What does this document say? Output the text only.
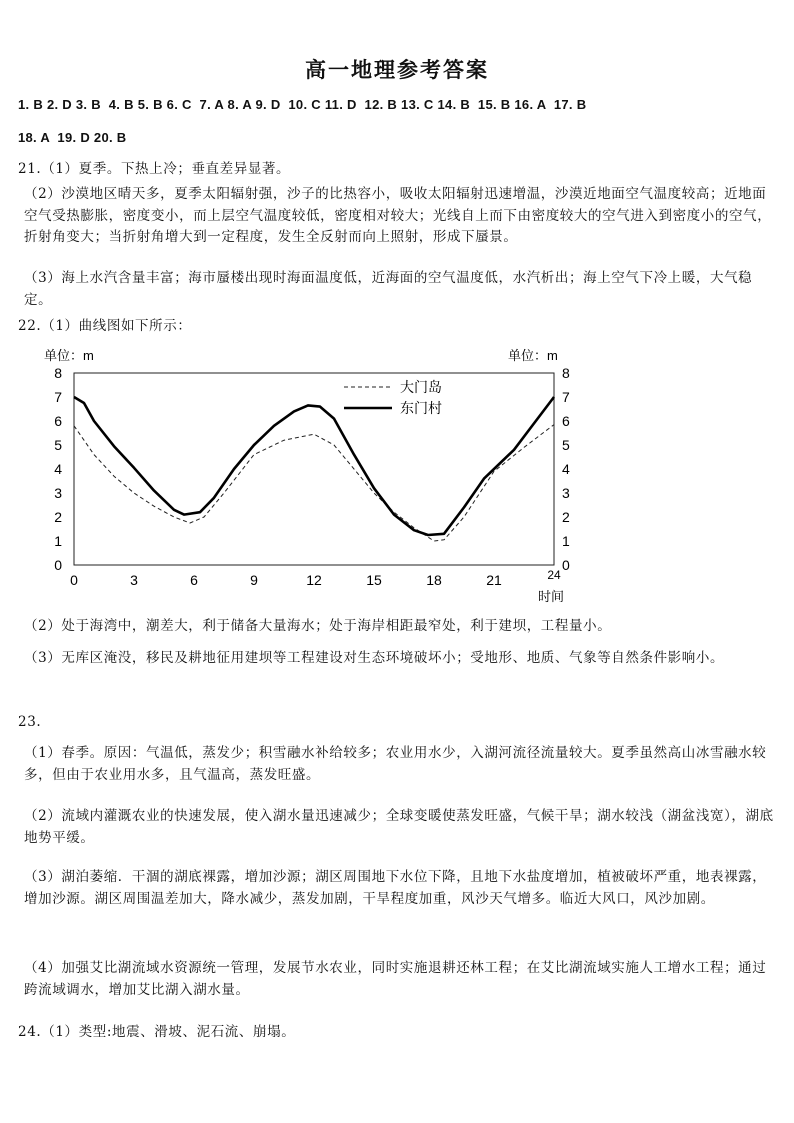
高一地理参考答案
1. B 2. D 3. B  4. B 5. B 6. C  7. A 8. A 9. D  10. C 11. D  12. B 13. C 14. B  15. B 16. A  17. B
18. A  19. D 20. B
21.（1）夏季。下热上冷；垂直差异显著。
（2）沙漠地区晴天多，夏季太阳辐射强，沙子的比热容小，吸收太阳辐射迅速增温，沙漠近地面空气温度较高；近地面空气受热膨胀，密度变小，而上层空气温度较低，密度相对较大；光线自上而下由密度较大的空气进入到密度小的空气，折射角变大；当折射角增大到一定程度，发生全反射而向上照射，形成下蜃景。
（3）海上水汽含量丰富；海市蜃楼出现时海面温度低，近海面的空气温度低，水汽析出；海上空气下冷上暖，大气稳定。
22.（1）曲线图如下所示：
单位：m	单位：m
时间
0	0
1	1
2	2
3	3
4	4
5	5
6	6
7	7
8	8
0	3	6	9	12	15	18	21	24
大门岛
东门村
（2）处于海湾中，潮差大，利于储备大量海水；处于海岸相距最窄处，利于建坝，工程量小。
（3）无库区淹没，移民及耕地征用建坝等工程建设对生态环境破坏小；受地形、地质、气象等自然条件影响小。
23.
（1）春季。原因：气温低，蒸发少；积雪融水补给较多；农业用水少，入湖河流径流量较大。夏季虽然高山冰雪融水较多，但由于农业用水多，且气温高，蒸发旺盛。
（2）流域内灌溉农业的快速发展，使入湖水量迅速减少；全球变暖使蒸发旺盛，气候干旱；湖水较浅（湖盆浅宽），湖底地势平缓。
（3）湖泊萎缩．干涸的湖底裸露，增加沙源；湖区周围地下水位下降，且地下水盐度增加，植被破坏严重，地表裸露，增加沙源。湖区周围温差加大，降水减少，蒸发加剧，干旱程度加重，风沙天气增多。临近大风口，风沙加剧。
（4）加强艾比湖流域水资源统一管理，发展节水农业，同时实施退耕还林工程；在艾比湖流域实施人工增水工程；通过跨流域调水，增加艾比湖入湖水量。
24.（1）类型:地震、滑坡、泥石流、崩塌。
